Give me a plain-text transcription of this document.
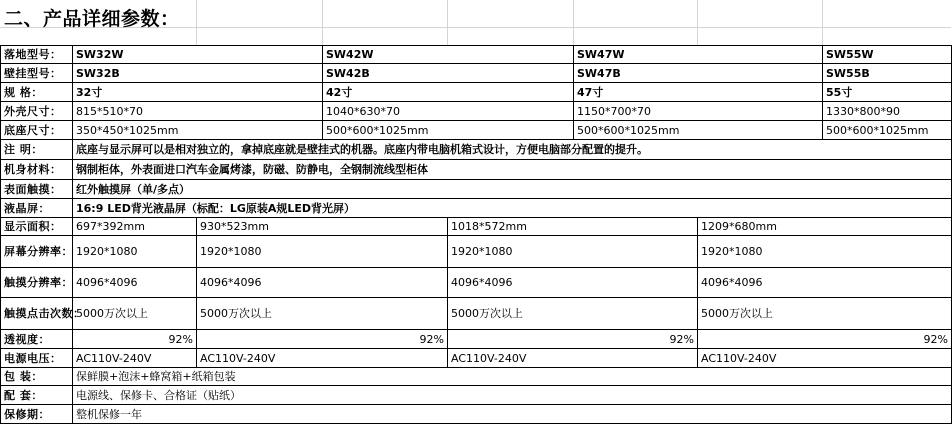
二、产品详细参数：
落地型号：	SW32W		SW42W		SW47W		SW55W
壁挂型号：	SW32B		SW42B		SW47B		SW55B
规 格：	32寸		42寸		47寸		55寸
外壳尺寸：	815*510*70		1040*630*70		1150*700*70		1330*800*90
底座尺寸：	350*450*1025mm		500*600*1025mm		500*600*1025mm		500*600*1025mm
注 明：	底座与显示屏可以是相对独立的，拿掉底座就是壁挂式的机器。底座内带电脑机箱式设计，方便电脑部分配置的提升。						
机身材料：	钢制柜体，外表面进口汽车金属烤漆，防磁、防静电，全钢制流线型柜体						
表面触摸：	红外触摸屏（单/多点）						
液晶屏：	16:9 LED背光液晶屏（标配：LG原装A规LED背光屏）						
显示面积：	697*392mm	930*523mm		1018*572mm		1209*680mm	
屏幕分辨率：	1920*1080	1920*1080		1920*1080		1920*1080	
触摸分辨率：	4096*4096	4096*4096		4096*4096		4096*4096	
触摸点击次数：	5000万次以上	5000万次以上		5000万次以上		5000万次以上	
透视度：	92%	92%		92%		92%	
电源电压：	AC110V-240V	AC110V-240V		AC110V-240V		AC110V-240V	
包 装：	保鲜膜+泡沫+蜂窝箱+纸箱包装						
配 套：	电源线、保修卡、合格证（贴纸）						
保修期：	整机保修一年						
